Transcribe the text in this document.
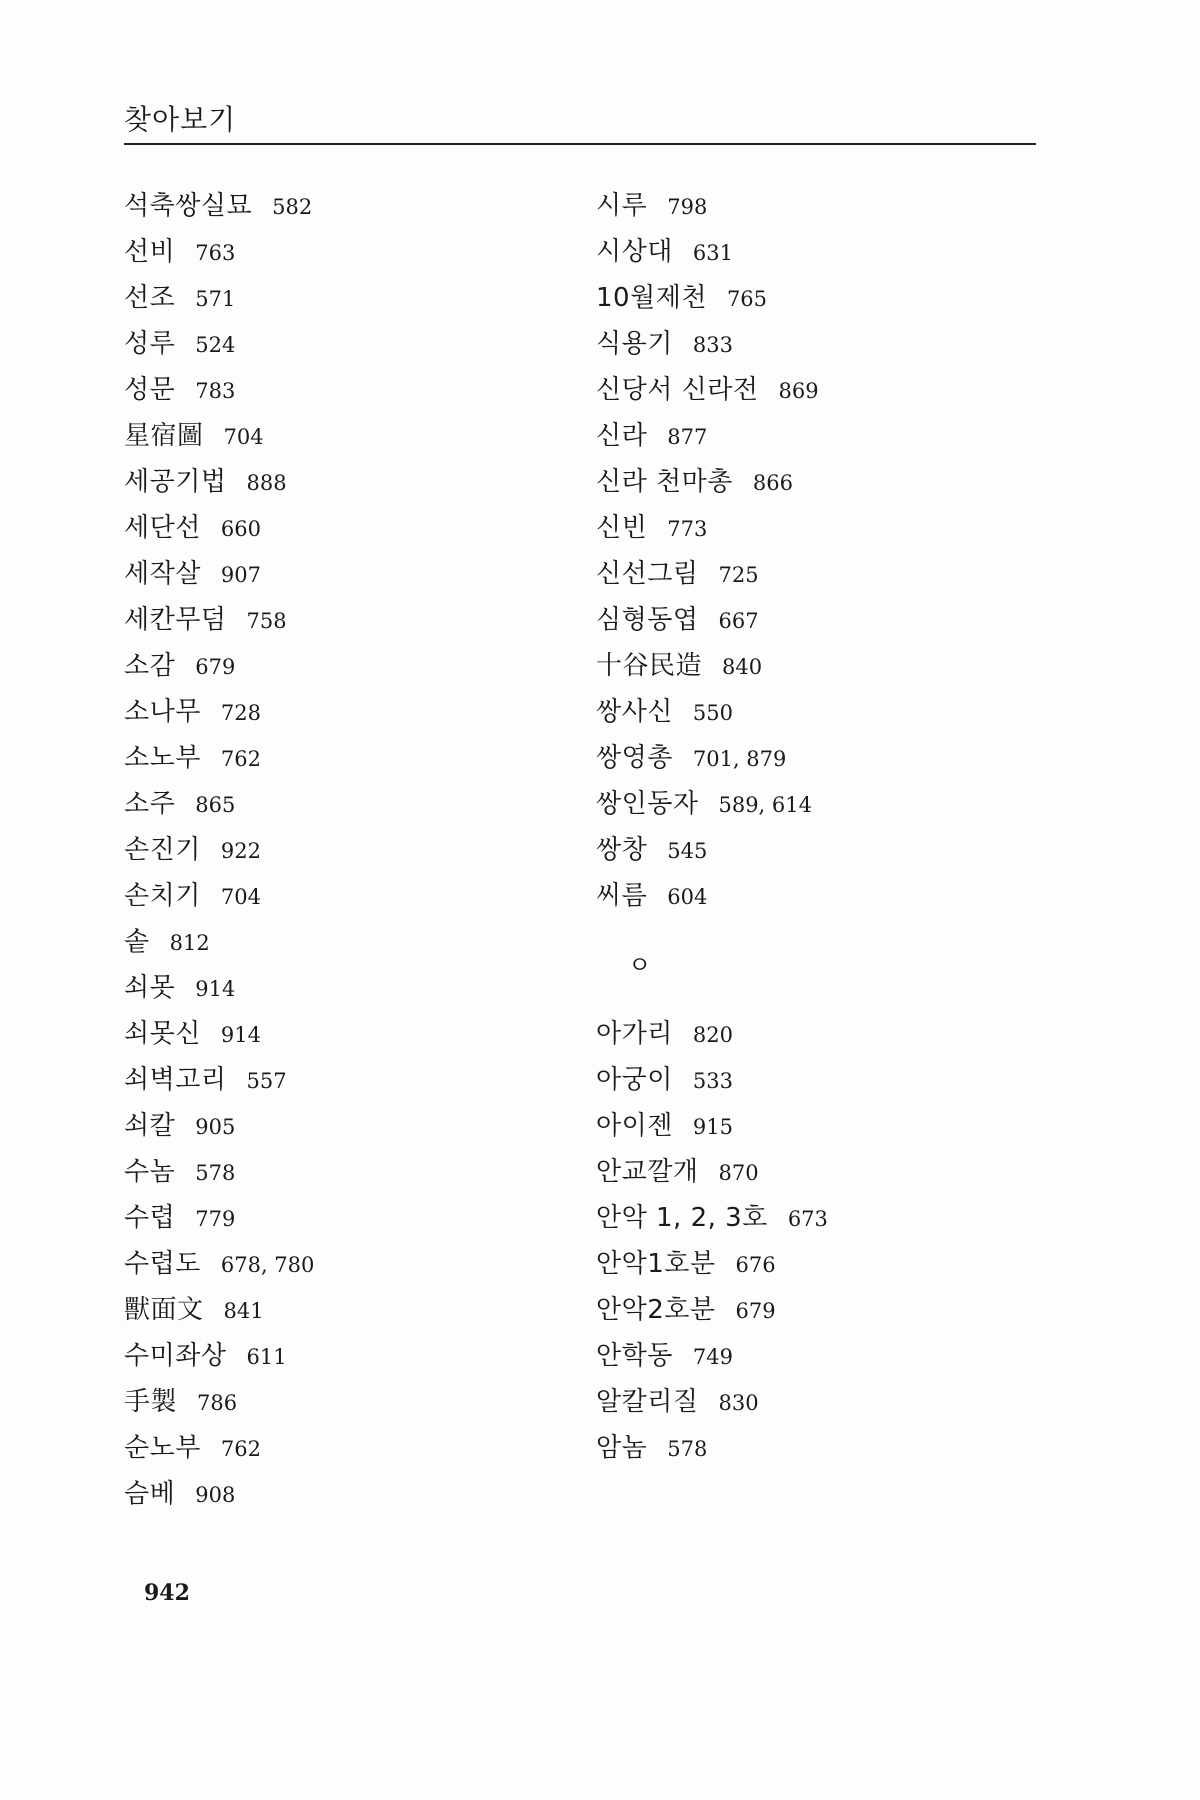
찾아보기
석축쌍실묘 582
선비 763
선조 571
성루 524
성문 783
星宿圖 704
세공기법 888
세단선 660
세작살 907
세칸무덤 758
소감 679
소나무 728
소노부 762
소주 865
손진기 922
손치기 704
솥 812
쇠못 914
쇠못신 914
쇠벽고리 557
쇠칼 905
수놈 578
수렵 779
수렵도 678, 780
獸面文 841
수미좌상 611
手製 786
순노부 762
슴베 908
시루 798
시상대 631
10월제천 765
식용기 833
신당서 신라전 869
신라 877
신라 천마총 866
신빈 773
신선그림 725
심형동엽 667
十谷民造 840
쌍사신 550
쌍영총 701, 879
쌍인동자 589, 614
쌍창 545
씨름 604
ㅇ
아가리 820
아궁이 533
아이젠 915
안교깔개 870
안악 1, 2, 3호 673
안악1호분 676
안악2호분 679
안학동 749
알칼리질 830
암놈 578
942
